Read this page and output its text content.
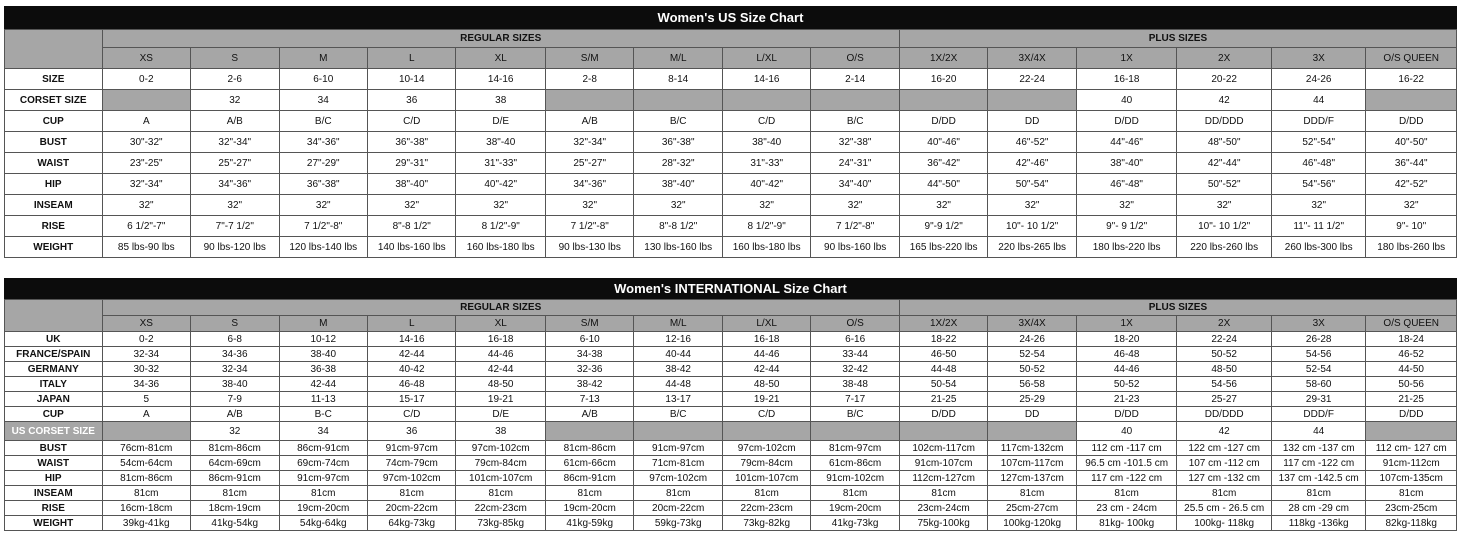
Women's US Size Chart
	REGULAR SIZES									PLUS SIZES					
	XS	S	M	L	XL	S/M	M/L	L/XL	O/S	1X/2X	3X/4X	1X	2X	3X	O/S QUEEN
SIZE	0-2	2-6	6-10	10-14	14-16	2-8	8-14	14-16	2-14	16-20	22-24	16-18	20-22	24-26	16-22
CORSET SIZE		32	34	36	38							40	42	44	
CUP	A	A/B	B/C	C/D	D/E	A/B	B/C	C/D	B/C	D/DD	DD	D/DD	DD/DDD	DDD/F	D/DD
BUST	30"-32"	32"-34"	34"-36"	36"-38"	38"-40	32"-34"	36"-38"	38"-40	32"-38"	40"-46"	46"-52"	44"-46"	48"-50"	52"-54"	40"-50"
WAIST	23"-25"	25"-27"	27"-29"	29"-31"	31"-33"	25"-27"	28"-32"	31"-33"	24"-31"	36"-42"	42"-46"	38"-40"	42"-44"	46"-48"	36"-44"
HIP	32"-34"	34"-36"	36"-38"	38"-40"	40"-42"	34"-36"	38"-40"	40"-42"	34"-40"	44"-50"	50"-54"	46"-48"	50"-52"	54"-56"	42"-52"
INSEAM	32"	32"	32"	32"	32"	32"	32"	32"	32"	32"	32"	32"	32"	32"	32"
RISE	6 1/2"-7"	7"-7 1/2"	7 1/2"-8"	8"-8 1/2"	8 1/2"-9"	7 1/2"-8"	8"-8 1/2"	8 1/2"-9"	7 1/2"-8"	9"-9 1/2"	10"- 10 1/2"	9"- 9 1/2"	10"- 10 1/2"	11"- 11 1/2"	9"- 10"
WEIGHT	85 lbs-90 lbs	90 lbs-120 lbs	120 lbs-140 lbs	140 lbs-160 lbs	160 lbs-180 lbs	90 lbs-130 lbs	130 lbs-160 lbs	160 lbs-180 lbs	90 lbs-160 lbs	165 lbs-220 lbs	220 lbs-265 lbs	180 lbs-220 lbs	220 lbs-260 lbs	260 lbs-300 lbs	180 lbs-260 lbs
Women's INTERNATIONAL Size Chart
	REGULAR SIZES									PLUS SIZES					
	XS	S	M	L	XL	S/M	M/L	L/XL	O/S	1X/2X	3X/4X	1X	2X	3X	O/S QUEEN
UK	0-2	6-8	10-12	14-16	16-18	6-10	12-16	16-18	6-16	18-22	24-26	18-20	22-24	26-28	18-24
FRANCE/SPAIN	32-34	34-36	38-40	42-44	44-46	34-38	40-44	44-46	33-44	46-50	52-54	46-48	50-52	54-56	46-52
GERMANY	30-32	32-34	36-38	40-42	42-44	32-36	38-42	42-44	32-42	44-48	50-52	44-46	48-50	52-54	44-50
ITALY	34-36	38-40	42-44	46-48	48-50	38-42	44-48	48-50	38-48	50-54	56-58	50-52	54-56	58-60	50-56
JAPAN	5	7-9	11-13	15-17	19-21	7-13	13-17	19-21	7-17	21-25	25-29	21-23	25-27	29-31	21-25
CUP	A	A/B	B-C	C/D	D/E	A/B	B/C	C/D	B/C	D/DD	DD	D/DD	DD/DDD	DDD/F	D/DD
US CORSET SIZE		32	34	36	38							40	42	44	
BUST	76cm-81cm	81cm-86cm	86cm-91cm	91cm-97cm	97cm-102cm	81cm-86cm	91cm-97cm	97cm-102cm	81cm-97cm	102cm-117cm	117cm-132cm	112 cm -117 cm	122 cm -127 cm	132 cm -137 cm	112 cm- 127 cm
WAIST	54cm-64cm	64cm-69cm	69cm-74cm	74cm-79cm	79cm-84cm	61cm-66cm	71cm-81cm	79cm-84cm	61cm-86cm	91cm-107cm	107cm-117cm	96.5 cm -101.5 cm	107 cm -112 cm	117 cm -122 cm	91cm-112cm
HIP	81cm-86cm	86cm-91cm	91cm-97cm	97cm-102cm	101cm-107cm	86cm-91cm	97cm-102cm	101cm-107cm	91cm-102cm	112cm-127cm	127cm-137cm	117 cm -122 cm	127 cm -132 cm	137 cm -142.5 cm	107cm-135cm
INSEAM	81cm	81cm	81cm	81cm	81cm	81cm	81cm	81cm	81cm	81cm	81cm	81cm	81cm	81cm	81cm
RISE	16cm-18cm	18cm-19cm	19cm-20cm	20cm-22cm	22cm-23cm	19cm-20cm	20cm-22cm	22cm-23cm	19cm-20cm	23cm-24cm	25cm-27cm	23 cm - 24cm	25.5 cm - 26.5 cm	28 cm -29 cm	23cm-25cm
WEIGHT	39kg-41kg	41kg-54kg	54kg-64kg	64kg-73kg	73kg-85kg	41kg-59kg	59kg-73kg	73kg-82kg	41kg-73kg	75kg-100kg	100kg-120kg	81kg- 100kg	100kg- 118kg	118kg -136kg	82kg-118kg
